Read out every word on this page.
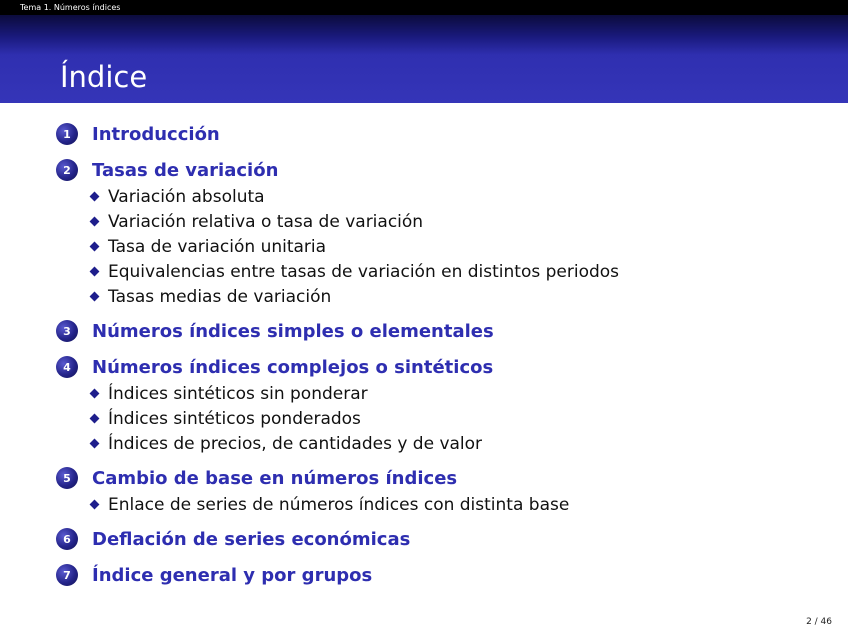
Tema 1. Números índices
Índice
1	Introducción
2	Tasas de variación
Variación absoluta
Variación relativa o tasa de variación
Tasa de variación unitaria
Equivalencias entre tasas de variación en distintos periodos
Tasas medias de variación
3	Números índices simples o elementales
4	Números índices complejos o sintéticos
Índices sintéticos sin ponderar
Índices sintéticos ponderados
Índices de precios, de cantidades y de valor
5	Cambio de base en números índices
Enlace de series de números índices con distinta base
6	Deflación de series económicas
7	Índice general y por grupos
2 / 46
